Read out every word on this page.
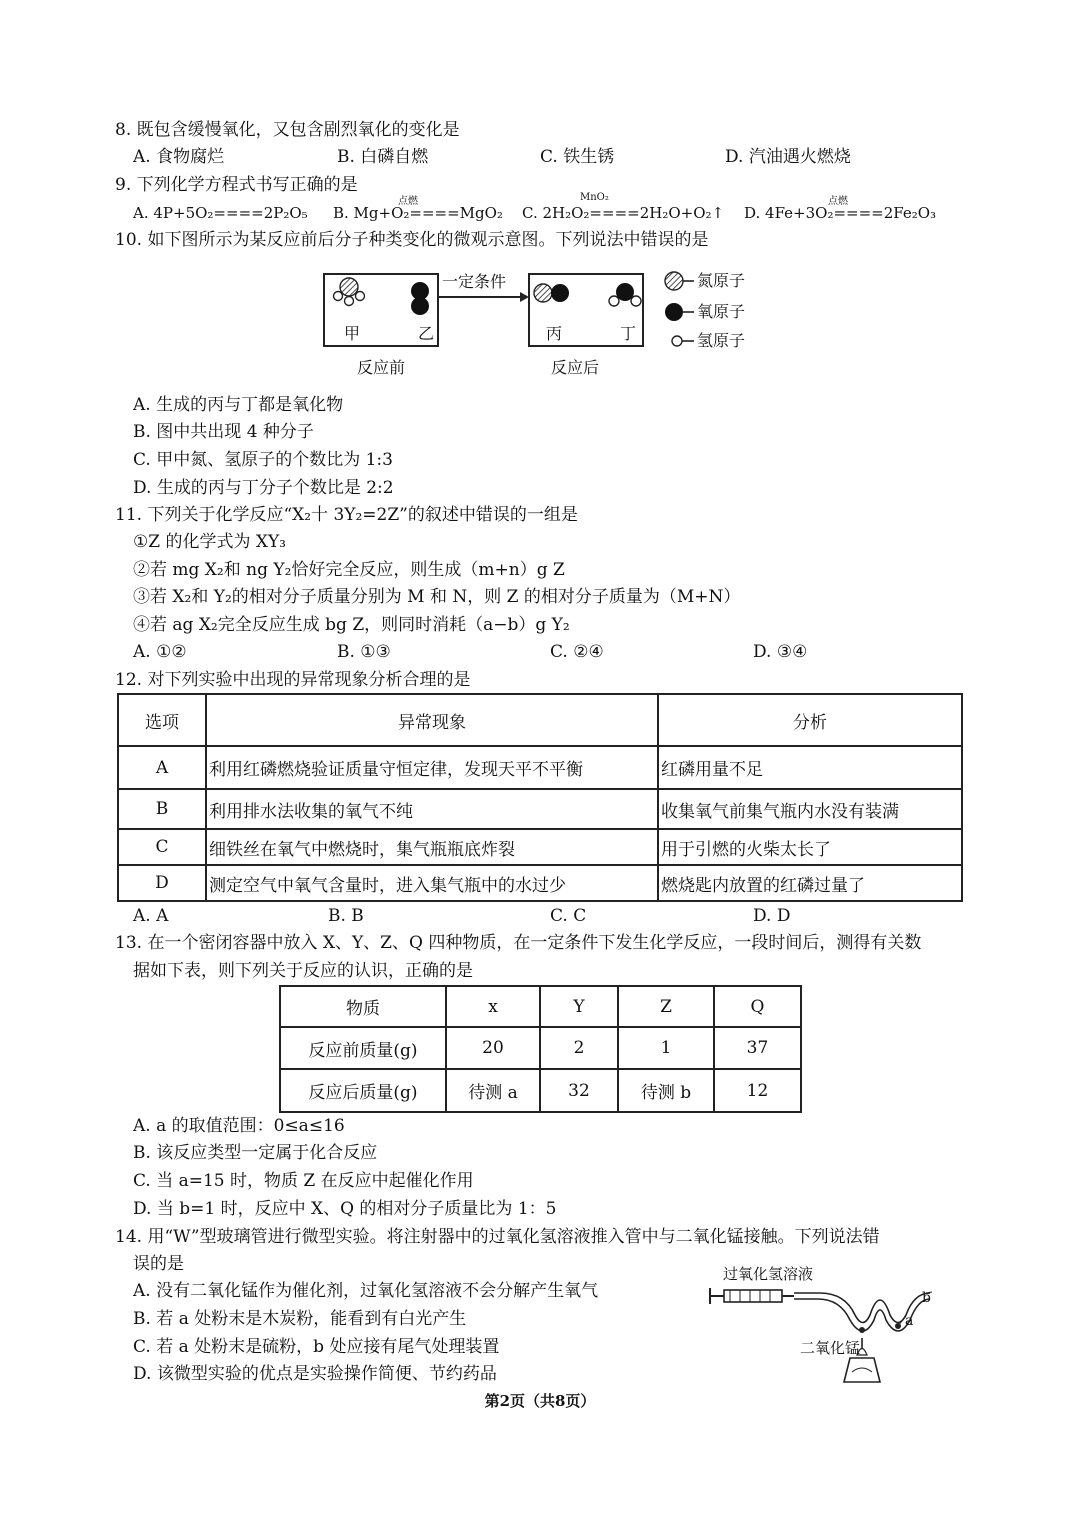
8. 既包含缓慢氧化，又包含剧烈氧化的变化是
A. 食物腐烂	B. 白磷自燃	C. 铁生锈	D. 汽油遇火燃烧
9. 下列化学方程式书写正确的是
点燃	MnO₂	点燃
A. 4P+5O₂====2P₂O₅ B. Mg+O₂====MgO₂ C. 2H₂O₂====2H₂O+O₂↑ D. 4Fe+3O₂====2Fe₂O₃
10. 如下图所示为某反应前后分子种类变化的微观示意图。下列说法中错误的是
一定条件
甲	乙	丙	丁
反应前	反应后
氮原子
氧原子
氢原子
A. 生成的丙与丁都是氧化物
B. 图中共出现 4 种分子
C. 甲中氮、氢原子的个数比为 1:3
D. 生成的丙与丁分子个数比是 2:2
11. 下列关于化学反应“X₂十 3Y₂=2Z”的叙述中错误的一组是
①Z 的化学式为 XY₃
②若 mg X₂和 ng Y₂恰好完全反应，则生成（m+n）g Z
③若 X₂和 Y₂的相对分子质量分别为 M 和 N，则 Z 的相对分子质量为（M+N）
④若 ag X₂完全反应生成 bg Z，则同时消耗（a−b）g Y₂
A. ①②	B. ①③	C. ②④	D. ③④
12. 对下列实验中出现的异常现象分析合理的是
选项	异常现象	分析
A	利用红磷燃烧验证质量守恒定律，发现天平不平衡	红磷用量不足
B	利用排水法收集的氧气不纯	收集氧气前集气瓶内水没有装满
C	细铁丝在氧气中燃烧时，集气瓶瓶底炸裂	用于引燃的火柴太长了
D	测定空气中氧气含量时，进入集气瓶中的水过少	燃烧匙内放置的红磷过量了
A. A	B. B	C. C	D. D
13. 在一个密闭容器中放入 X、Y、Z、Q 四种物质，在一定条件下发生化学反应，一段时间后，测得有关数
据如下表，则下列关于反应的认识，正确的是
物质	x	Y	Z	Q
反应前质量(g)	20	2	1	37
反应后质量(g)	待测 a	32	待测 b	12
A. a 的取值范围：0≤a≤16
B. 该反应类型一定属于化合反应
C. 当 a=15 时，物质 Z 在反应中起催化作用
D. 当 b=1 时，反应中 X、Q 的相对分子质量比为 1：5
14. 用“W”型玻璃管进行微型实验。将注射器中的过氧化氢溶液推入管中与二氧化锰接触。下列说法错
误的是
A. 没有二氧化锰作为催化剂，过氧化氢溶液不会分解产生氧气
B. 若 a 处粉末是木炭粉，能看到有白光产生
C. 若 a 处粉末是硫粉，b 处应接有尾气处理装置
D. 该微型实验的优点是实验操作简便、节约药品
过氧化氢溶液
b
a
二氧化锰
第2页（共8页）
